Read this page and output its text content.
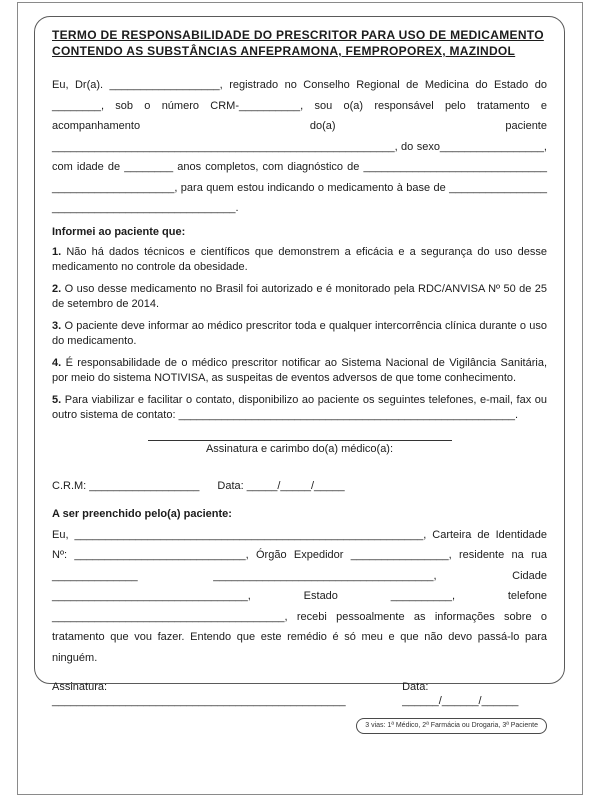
TERMO DE RESPONSABILIDADE DO PRESCRITOR PARA USO DE MEDICAMENTO
CONTENDO AS SUBSTÂNCIAS ANFEPRAMONA, FEMPROPOREX, MAZINDOL

Eu, Dr(a). __________________, registrado no Conselho Regional de Medicina do Estado do ________, sob o número CRM-__________, sou o(a) responsável pelo tratamento e acompanhamento do(a) paciente ________________________________________________________, do sexo_________________, com idade de ________ anos completos, com diagnóstico de ______________________________ ____________________, para quem estou indicando o medicamento à base de ________________ ______________________________.

Informei ao paciente que:

1. Não há dados técnicos e científicos que demonstrem a eficácia e a segurança do uso desse medicamento no controle da obesidade.

2. O uso desse medicamento no Brasil foi autorizado e é monitorado pela RDC/ANVISA Nº 50 de 25 de setembro de 2014.

3. O paciente deve informar ao médico prescritor toda e qualquer intercorrência clínica durante o uso do medicamento.

4. É responsabilidade de o médico prescritor notificar ao Sistema Nacional de Vigilância Sanitária, por meio do sistema NOTIVISA, as suspeitas de eventos adversos de que tome conhecimento.

5. Para viabilizar e facilitar o contato, disponibilizo ao paciente os seguintes telefones, e-mail, fax ou outro sistema de contato: _______________________________________________________.

Assinatura e carimbo do(a) médico(a):
C.R.M: __________________ Data: _____/_____/_____
A ser preenchido pelo(a) paciente:

Eu, _________________________________________________________, Carteira de Identidade Nº: ____________________________, Órgão Expedidor ________________, residente na rua ______________ ____________________________________, Cidade ________________________________, Estado __________, telefone ______________________________________, recebi pessoalmente as informações sobre o tratamento que vou fazer. Entendo que este remédio é só meu e que não devo passá-lo para ninguém.

Assinatura: ________________________________________________
Data: ______/______/______
3 vias: 1ª Médico, 2ª Farmácia ou Drogaria, 3ª Paciente
